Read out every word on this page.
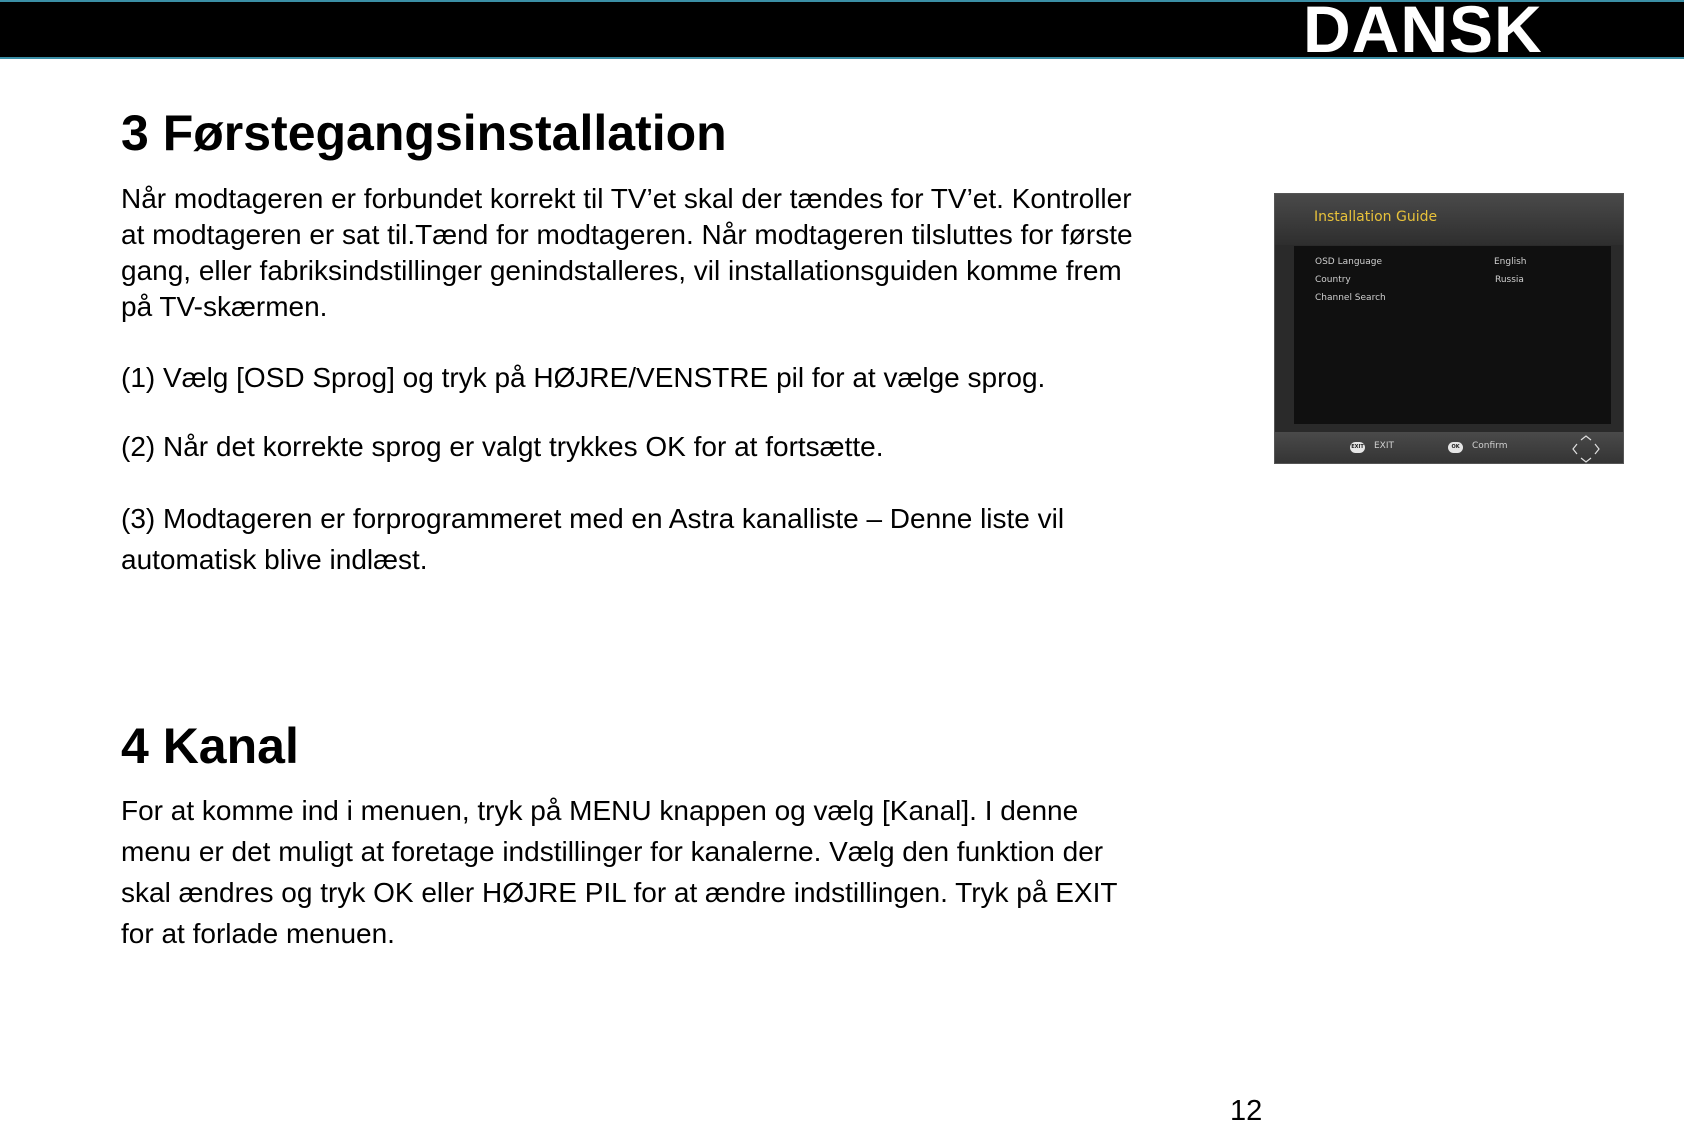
DANSK
3 Førstegangsinstallation
Når modtageren er forbundet korrekt til TV’et skal der tændes for TV’et. Kontroller
at modtageren er sat til.Tænd for modtageren. Når modtageren tilsluttes for første
gang, eller fabriksindstillinger genindstalleres, vil installationsguiden komme frem
på TV-skærmen.
(1) Vælg [OSD Sprog] og tryk på HØJRE/VENSTRE pil for at vælge sprog.
(2) Når det korrekte sprog er valgt trykkes OK for at fortsætte.
(3) Modtageren er forprogrammeret med en Astra kanalliste – Denne liste vil
automatisk blive indlæst.
Installation Guide
OSD Language	English
Country	Russia
Channel Search
EXIT EXIT	OK	Confirm
4 Kanal
For at komme ind i menuen, tryk på MENU knappen og vælg [Kanal]. I denne
menu er det muligt at foretage indstillinger for kanalerne. Vælg den funktion der
skal ændres og tryk OK eller HØJRE PIL for at ændre indstillingen. Tryk på EXIT
for at forlade menuen.
12
